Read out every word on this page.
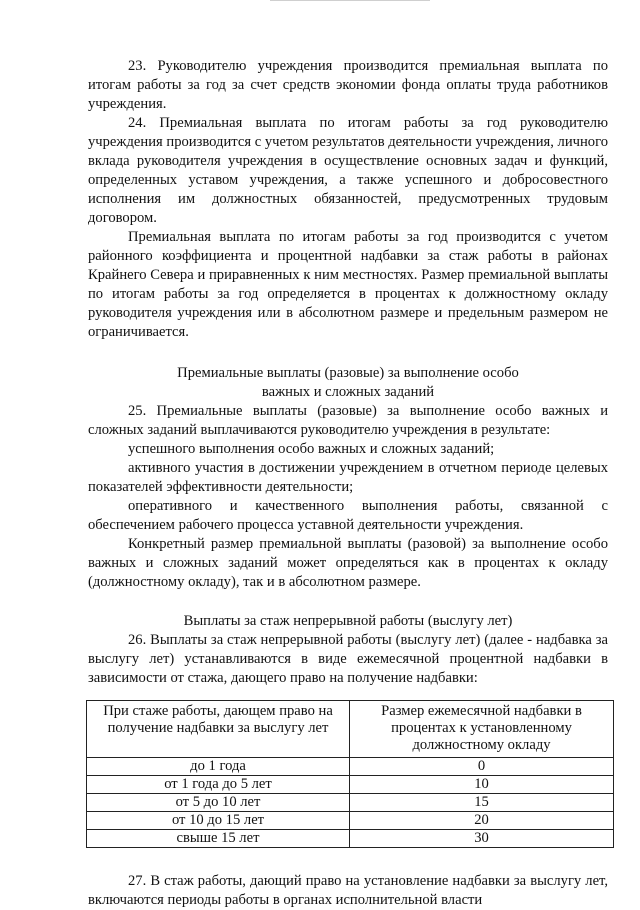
23. Руководителю учреждения производится премиальная выплата по итогам работы за год за счет средств экономии фонда оплаты труда работников учреждения.

24. Премиальная выплата по итогам работы за год руководителю учреждения производится с учетом результатов деятельности учреждения, личного вклада руководителя учреждения в осуществление основных задач и функций, определенных уставом учреждения, а также успешного и добросовестного исполнения им должностных обязанностей, предусмотренных трудовым договором.

Премиальная выплата по итогам работы за год производится с учетом районного коэффициента и процентной надбавки за стаж работы в районах Крайнего Севера и приравненных к ним местностях. Размер премиальной выплаты по итогам работы за год определяется в процентах к должностному окладу руководителя учреждения или в абсолютном размере и предельным размером не ограничивается.

Премиальные выплаты (разовые) за выполнение особо
важных и сложных заданий

25. Премиальные выплаты (разовые) за выполнение особо важных и сложных заданий выплачиваются руководителю учреждения в результате:

успешного выполнения особо важных и сложных заданий;

активного участия в достижении учреждением в отчетном периоде целевых показателей эффективности деятельности;

оперативного и качественного выполнения работы, связанной с обеспечением рабочего процесса уставной деятельности учреждения.

Конкретный размер премиальной выплаты (разовой) за выполнение особо важных и сложных заданий может определяться как в процентах к окладу (должностному окладу), так и в абсолютном размере.

Выплаты за стаж непрерывной работы (выслугу лет)

26. Выплаты за стаж непрерывной работы (выслугу лет) (далее - надбавка за выслугу лет) устанавливаются в виде ежемесячной процентной надбавки в зависимости от стажа, дающего право на получение надбавки:

При стаже работы, дающем право на получение надбавки за выслугу лет	Размер ежемесячной надбавки в процентах к установленному должностному окладу
до 1 года	0
от 1 года до 5 лет	10
от 5 до 10 лет	15
от 10 до 15 лет	20
свыше 15 лет	30

27. В стаж работы, дающий право на установление надбавки за выслугу лет, включаются периоды работы в органах исполнительной власти
